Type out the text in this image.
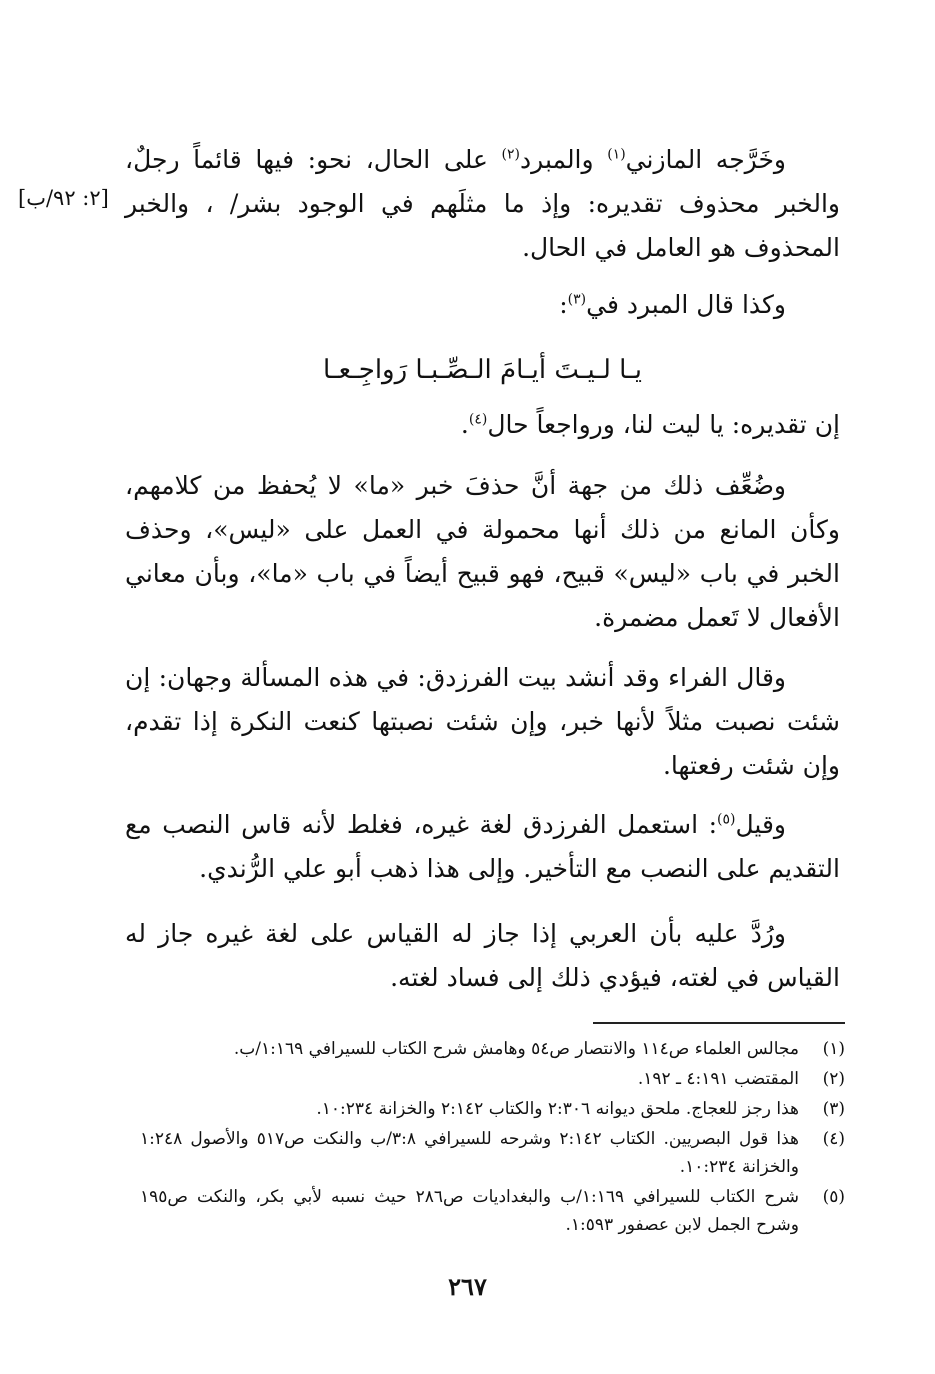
[٢: ٩٢/ب]

وخَرَّجه المازني$^{(١)}$ والمبرد$^{(٢)}$ على الحال، نحو: فيها قائماً رجلٌ، والخبر محذوف تقديره: وإذ ما مثلَهم في الوجود بشر/ ، والخبر المحذوف هو العامل في الحال.

وكذا قال المبرد في$^{(٣)}$:

يـا لـيـتَ أيـامَ الـصِّـبـا رَواجِـعـا

إن تقديره: يا ليت لنا، ورواجعاً حال$^{(٤)}$.

وضُعِّف ذلك من جهة أنَّ حذفَ خبر «ما» لا يُحفظ من كلامهم، وكأن المانع من ذلك أنها محمولة في العمل على «ليس»، وحذف الخبر في باب «ليس» قبيح، فهو قبيح أيضاً في باب «ما»، وبأن معاني الأفعال لا تَعمل مضمرة.

وقال الفراء وقد أنشد بيت الفرزدق: في هذه المسألة وجهان: إن شئت نصبت مثلاً لأنها خبر، وإن شئت نصبتها كنعت النكرة إذا تقدم، وإن شئت رفعتها.

وقيل$^{(٥)}$: استعمل الفرزدق لغة غيره، فغلط لأنه قاس النصب مع التقديم على النصب مع التأخير. وإلى هذا ذهب أبو علي الرُّندي.

ورُدَّ عليه بأن العربي إذا جاز له القياس على لغة غيره جاز له القياس في لغته، فيؤدي ذلك إلى فساد لغته.

(١)
مجالس العلماء ص١١٤ والانتصار ص٥٤ وهامش شرح الكتاب للسيرافي ١:١٦٩/ب.
(٢)
المقتضب ٤:١٩١ ـ ١٩٢.
(٣)
هذا رجز للعجاج. ملحق ديوانه ٢:٣٠٦ والكتاب ٢:١٤٢ والخزانة ١٠:٢٣٤.
(٤)
هذا قول البصريين. الكتاب ٢:١٤٢ وشرحه للسيرافي ٣:٨/ب والنكت ص٥١٧ والأصول ١:٢٤٨ والخزانة ١٠:٢٣٤.
(٥)
شرح الكتاب للسيرافي ١:١٦٩/ب والبغداديات ص٢٨٦ حيث نسبه لأبي بكر، والنكت ص١٩٥ وشرح الجمل لابن عصفور ١:٥٩٣.
٢٦٧
